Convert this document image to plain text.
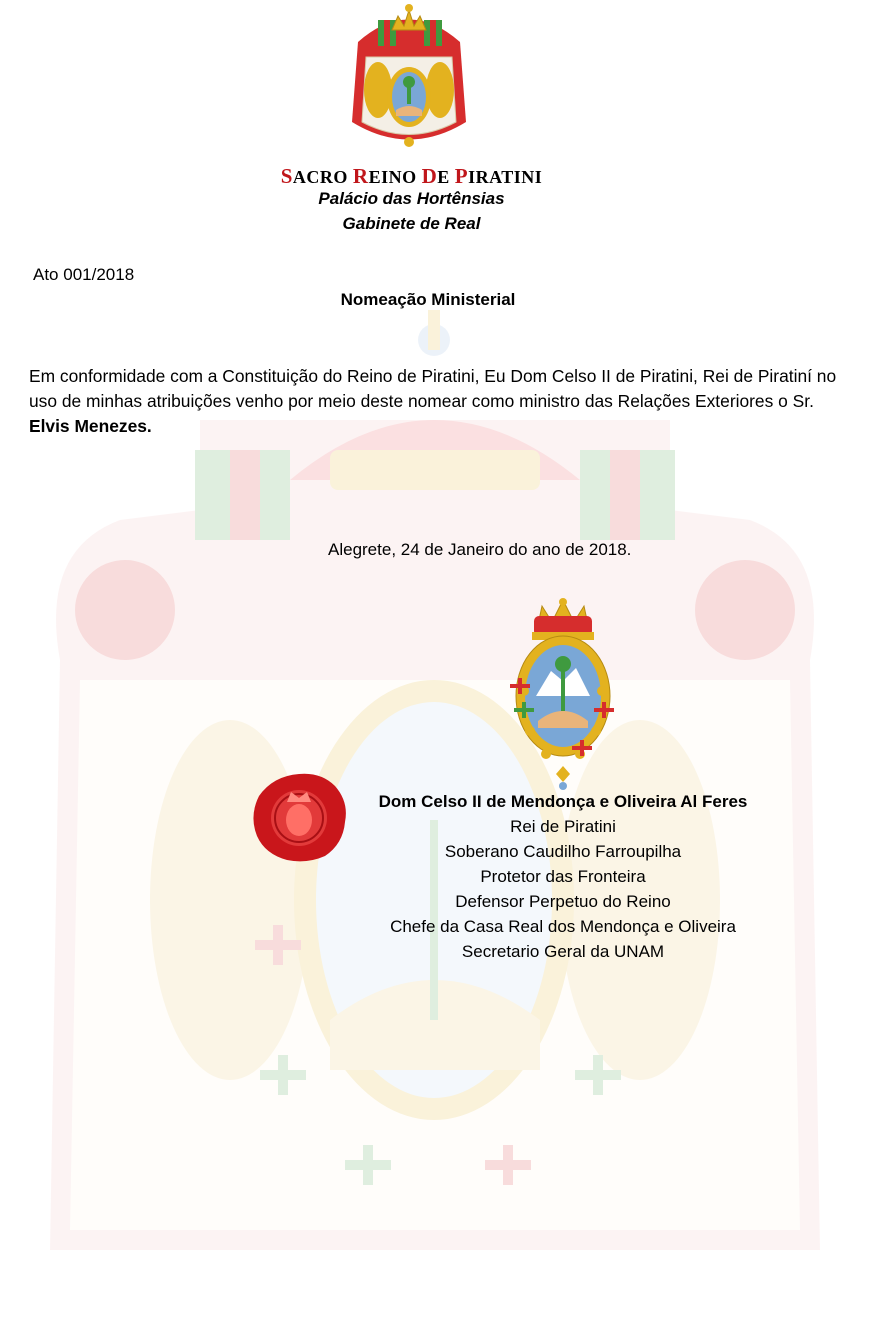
SACRO REINO DE PIRATINI
Palácio das Hortênsias
Gabinete de Real
Ato 001/2018
Nomeação Ministerial
Em conformidade com a Constituição do Reino de Piratini, Eu Dom Celso II de Piratini, Rei de Piratiní no uso de minhas atribuições venho por meio deste nomear como ministro das Relações Exteriores o Sr. Elvis Menezes.
Alegrete, 24 de Janeiro do ano de 2018.
Dom Celso II de Mendonça e Oliveira Al Feres
Rei de Piratini
Soberano Caudilho Farroupilha
Protetor das Fronteira
Defensor Perpetuo do Reino
Chefe da Casa Real dos Mendonça e Oliveira
Secretario Geral da UNAM
